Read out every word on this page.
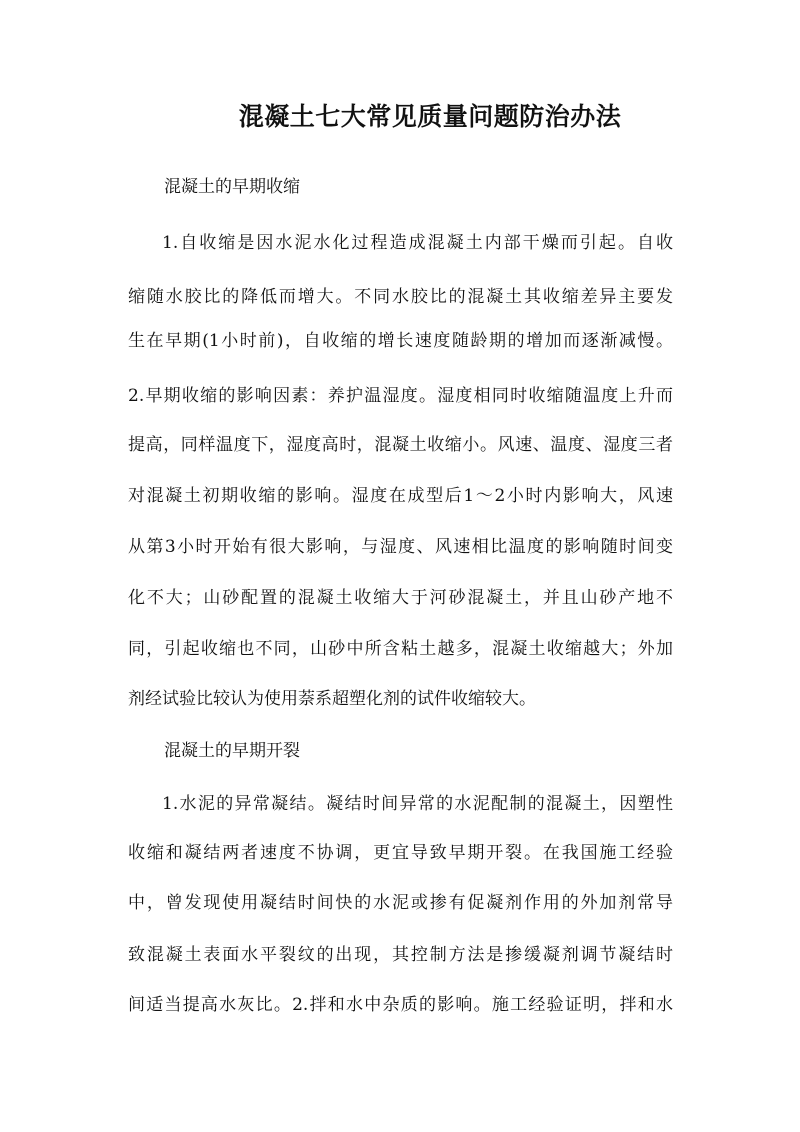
混凝土七大常见质量问题防治办法
混凝土的早期收缩
1.自收缩是因水泥水化过程造成混凝土内部干燥而引起。自收
缩随水胶比的降低而增大。不同水胶比的混凝土其收缩差异主要发
生在早期(1小时前)，自收缩的增长速度随龄期的增加而逐渐减慢。
2.早期收缩的影响因素：养护温湿度。湿度相同时收缩随温度上升而
提高，同样温度下，湿度高时，混凝土收缩小。风速、温度、湿度三者
对混凝土初期收缩的影响。湿度在成型后1～2小时内影响大，风速
从第3小时开始有很大影响，与湿度、风速相比温度的影响随时间变
化不大；山砂配置的混凝土收缩大于河砂混凝土，并且山砂产地不
同，引起收缩也不同，山砂中所含粘土越多，混凝土收缩越大；外加
剂经试验比较认为使用萘系超塑化剂的试件收缩较大。
混凝土的早期开裂
1.水泥的异常凝结。凝结时间异常的水泥配制的混凝土，因塑性
收缩和凝结两者速度不协调，更宜导致早期开裂。在我国施工经验
中，曾发现使用凝结时间快的水泥或掺有促凝剂作用的外加剂常导
致混凝土表面水平裂纹的出现，其控制方法是掺缓凝剂调节凝结时
间适当提高水灰比。2.拌和水中杂质的影响。施工经验证明，拌和水
